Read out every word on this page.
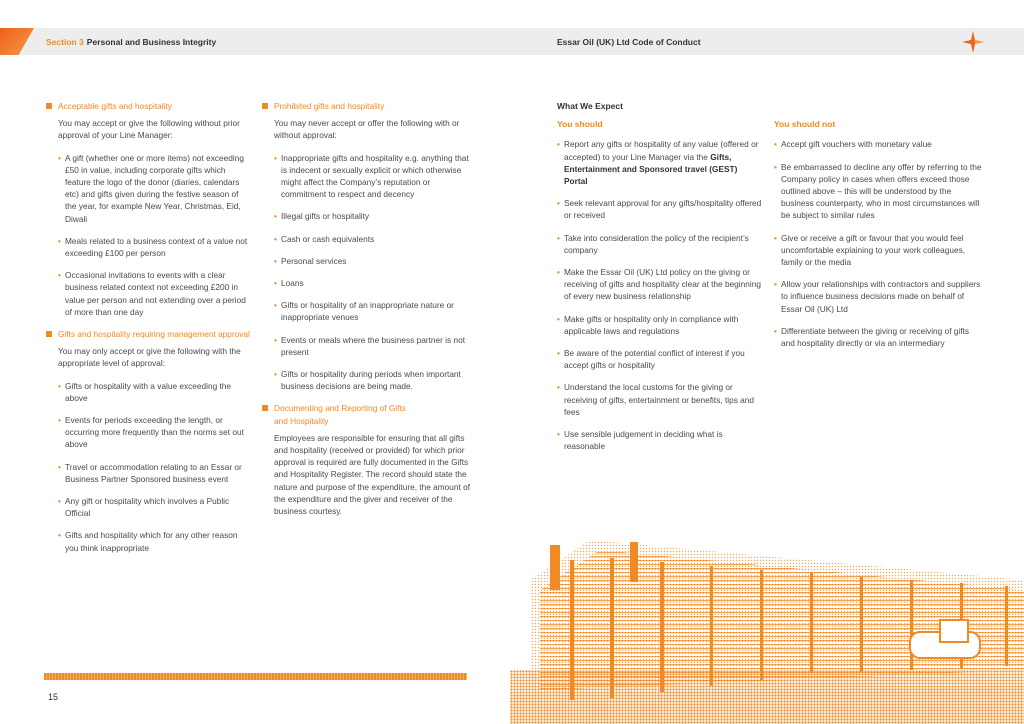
Section 3 Personal and Business Integrity	Essar Oil (UK) Ltd Code of Conduct
Acceptable gifts and hospitality
You may accept or give the following without prior approval of your Line Manager:
• A gift (whether one or more items) not exceeding £50 in value, including corporate gifts which feature the logo of the donor (diaries, calendars etc) and gifts given during the festive season of the year, for example New Year, Christmas, Eid, Diwali
• Meals related to a business context of a value not exceeding £100 per person
• Occasional invitations to events with a clear business related context not exceeding £200 in value per person and not extending over a period of more than one day
Gifts and hospitality requiring management approval
You may only accept or give the following with the appropriate level of approval:
• Gifts or hospitality with a value exceeding the above
• Events for periods exceeding the length, or occurring more frequently than the norms set out above
• Travel or accommodation relating to an Essar or Business Partner Sponsored business event
• Any gift or hospitality which involves a Public Official
• Gifts and hospitality which for any other reason you think inappropriate
Prohibited gifts and hospitality
You may never accept or offer the following with or without approval:
• Inappropriate gifts and hospitality e.g. anything that is indecent or sexually explicit or which otherwise might affect the Company’s reputation or commitment to respect and decency
• Illegal gifts or hospitality
• Cash or cash equivalents
• Personal services
• Loans
• Gifts or hospitality of an inappropriate nature or inappropriate venues
• Events or meals where the business partner is not present
• Gifts or hospitality during periods when important business decisions are being made.
Documenting and Reporting of Gifts
and Hospitality
Employees are responsible for ensuring that all gifts and hospitality (received or provided) for which prior approval is required are fully documented in the Gifts and Hospitality Register. The record should state the nature and purpose of the expenditure, the amount of the expenditure and the giver and receiver of the business courtesy.
What We Expect
You should
• Report any gifts or hospitality of any value (offered or accepted) to your Line Manager via the Gifts, Entertainment and Sponsored travel (GEST) Portal
• Seek relevant approval for any gifts/hospitality offered or received
• Take into consideration the policy of the recipient’s company
• Make the Essar Oil (UK) Ltd policy on the giving or receiving of gifts and hospitality clear at the beginning of every new business relationship
• Make gifts or hospitality only in compliance with applicable laws and regulations
• Be aware of the potential conflict of interest if you accept gifts or hospitality
• Understand the local customs for the giving or receiving of gifts, entertainment or benefits, tips and fees
• Use sensible judgement in deciding what is reasonable
You should not
• Accept gift vouchers with monetary value
• Be embarrassed to decline any offer by referring to the Company policy in cases when offers exceed those outlined above – this will be understood by the business counterparty, who in most circumstances will be subject to similar rules
• Give or receive a gift or favour that you would feel uncomfortable explaining to your work colleagues, family or the media
• Allow your relationships with contractors and suppliers to influence business decisions made on behalf of Essar Oil (UK) Ltd
• Differentiate between the giving or receiving of gifts and hospitality directly or via an intermediary
15
